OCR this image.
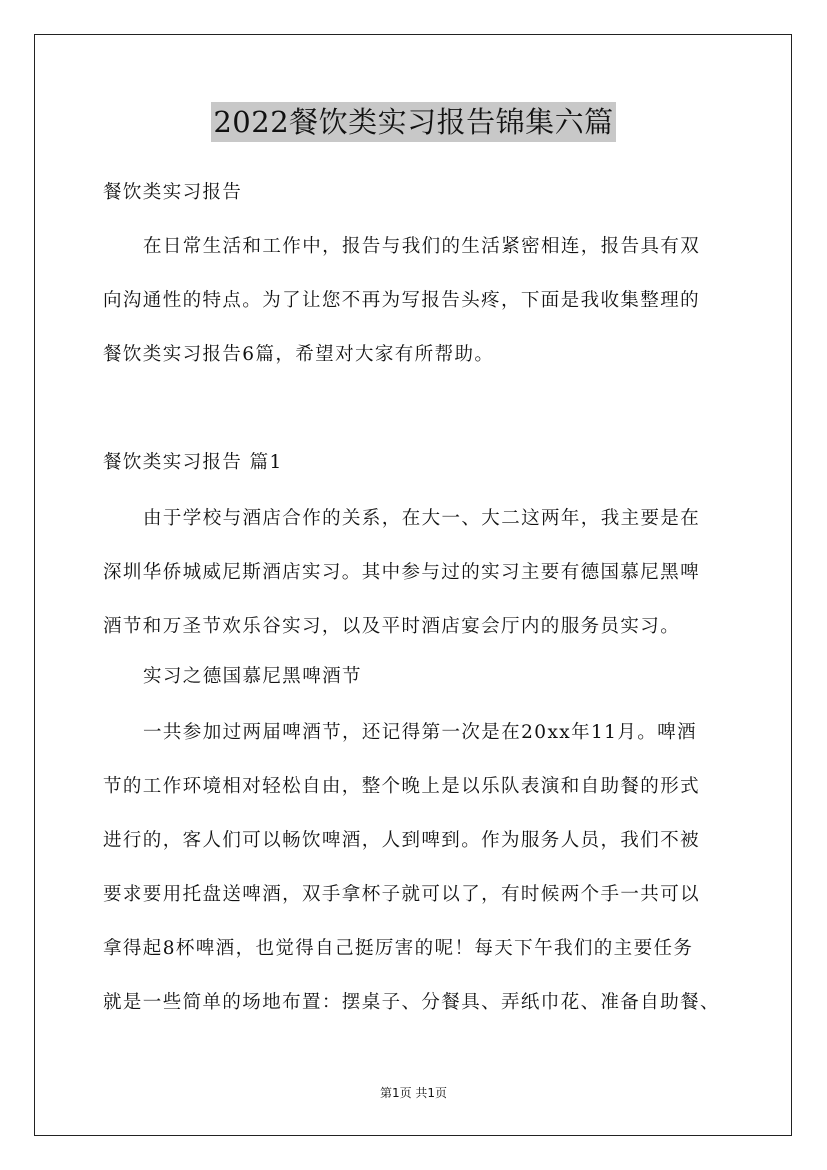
2022餐饮类实习报告锦集六篇
餐饮类实习报告
在日常生活和工作中，报告与我们的生活紧密相连，报告具有双
向沟通性的特点。为了让您不再为写报告头疼，下面是我收集整理的
餐饮类实习报告6篇，希望对大家有所帮助。
餐饮类实习报告 篇1
由于学校与酒店合作的关系，在大一、大二这两年，我主要是在
深圳华侨城威尼斯酒店实习。其中参与过的实习主要有德国慕尼黑啤
酒节和万圣节欢乐谷实习，以及平时酒店宴会厅内的服务员实习。
实习之德国慕尼黑啤酒节
一共参加过两届啤酒节，还记得第一次是在20xx年11月。啤酒
节的工作环境相对轻松自由，整个晚上是以乐队表演和自助餐的形式
进行的，客人们可以畅饮啤酒，人到啤到。作为服务人员，我们不被
要求要用托盘送啤酒，双手拿杯子就可以了，有时候两个手一共可以
拿得起8杯啤酒，也觉得自己挺厉害的呢！每天下午我们的主要任务
就是一些简单的场地布置：摆桌子、分餐具、弄纸巾花、准备自助餐、
第1页 共1页
